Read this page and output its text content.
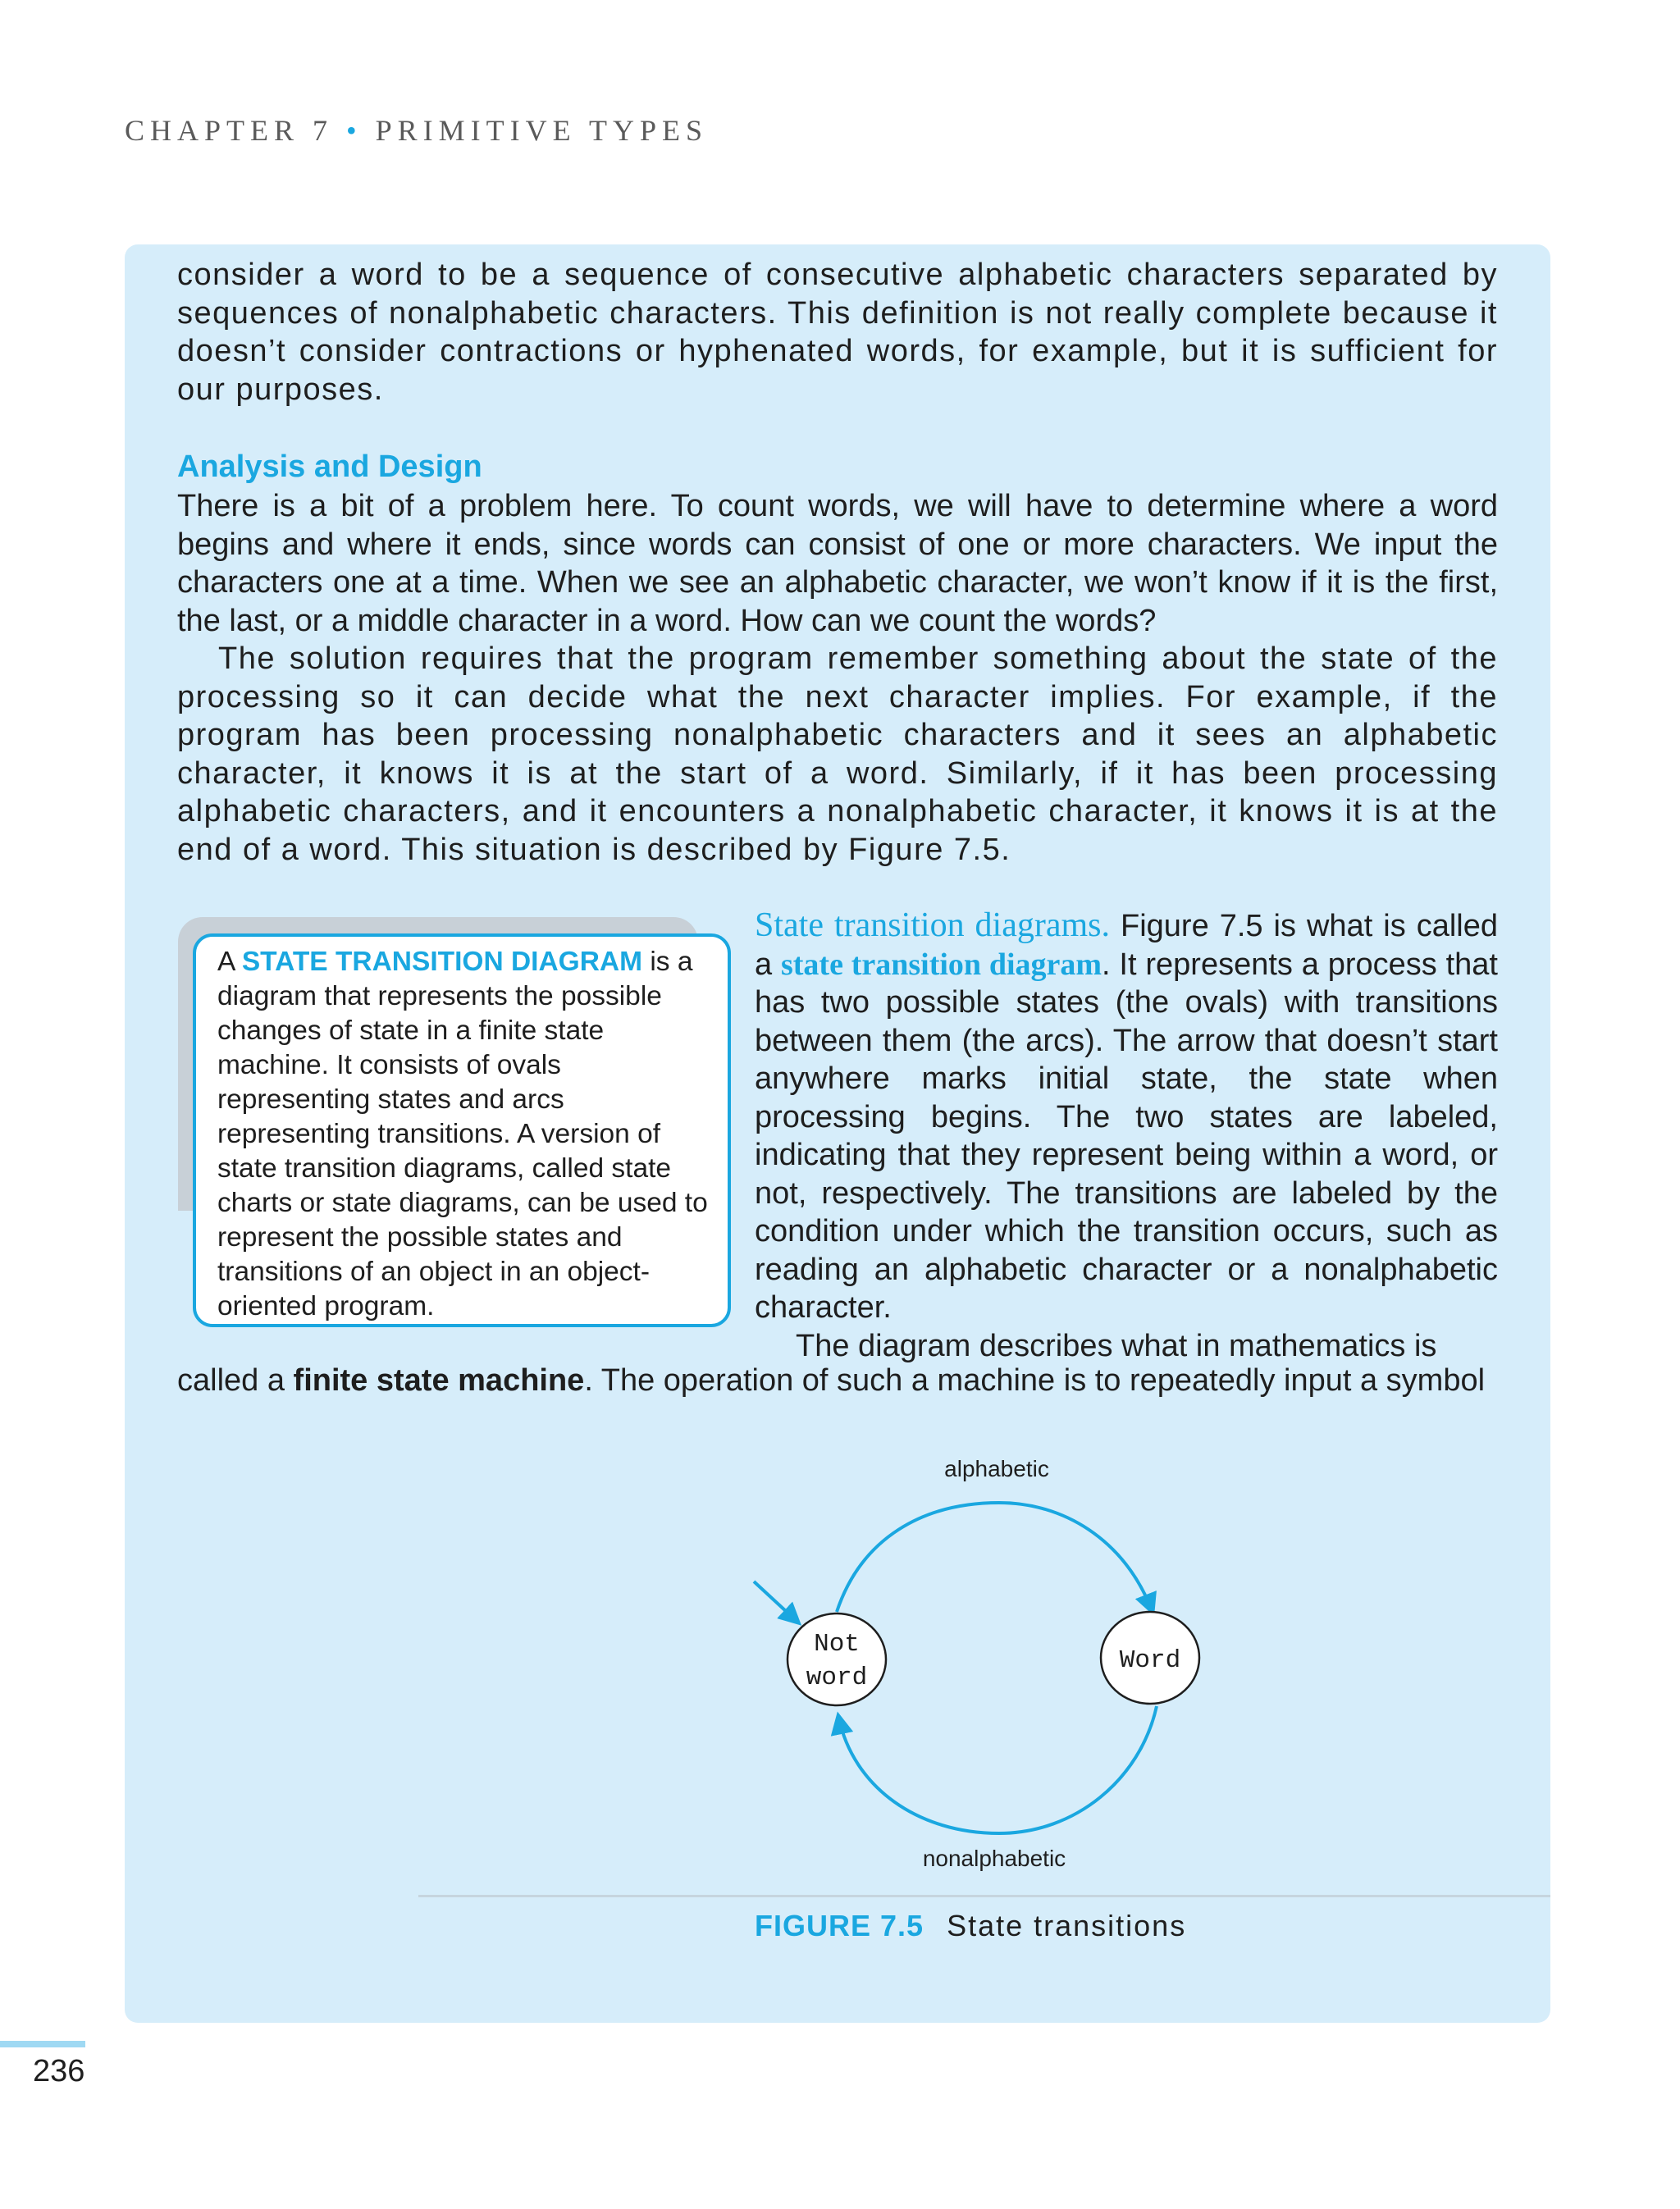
CHAPTER 7 • PRIMITIVE TYPES

consider a word to be a sequence of consecutive alphabetic characters separated by sequences of nonalphabetic characters. This definition is not really complete because it doesn’t consider contractions or hyphenated words, for example, but it is sufficient for our purposes.

Analysis and Design

There is a bit of a problem here. To count words, we will have to determine where a word begins and where it ends, since words can consist of one or more characters. We input the characters one at a time. When we see an alphabetic character, we won’t know if it is the first, the last, or a middle character in a word. How can we count the words?

The solution requires that the program remember something about the state of the processing so it can decide what the next character implies. For example, if the program has been processing nonalphabetic characters and it sees an alphabetic character, it knows it is at the start of a word. Similarly, if it has been processing alphabetic characters, and it encounters a nonalphabetic character, it knows it is at the end of a word. This situation is described by Figure 7.5.

A STATE TRANSITION DIAGRAM is a diagram that represents the possible changes of state in a finite state machine. It consists of ovals representing states and arcs representing transitions. A version of state transition diagrams, called state charts or state diagrams, can be used to represent the possible states and transitions of an object in an object-oriented program.

State transition diagrams. Figure 7.5 is what is called a state transition diagram. It represents a process that has two possible states (the ovals) with transitions between them (the arcs). The arrow that doesn’t start anywhere marks initial state, the state when processing begins. The two states are labeled, indicating that they represent being within a word, or not, respectively. The transitions are labeled by the condition under which the transition occurs, such as reading an alphabetic character or a nonalphabetic character.

The diagram describes what in mathematics is

called a finite state machine. The operation of such a machine is to repeatedly input a symbol

alphabetic
Not
word
Word
nonalphabetic

FIGURE 7.5 State transitions

236
